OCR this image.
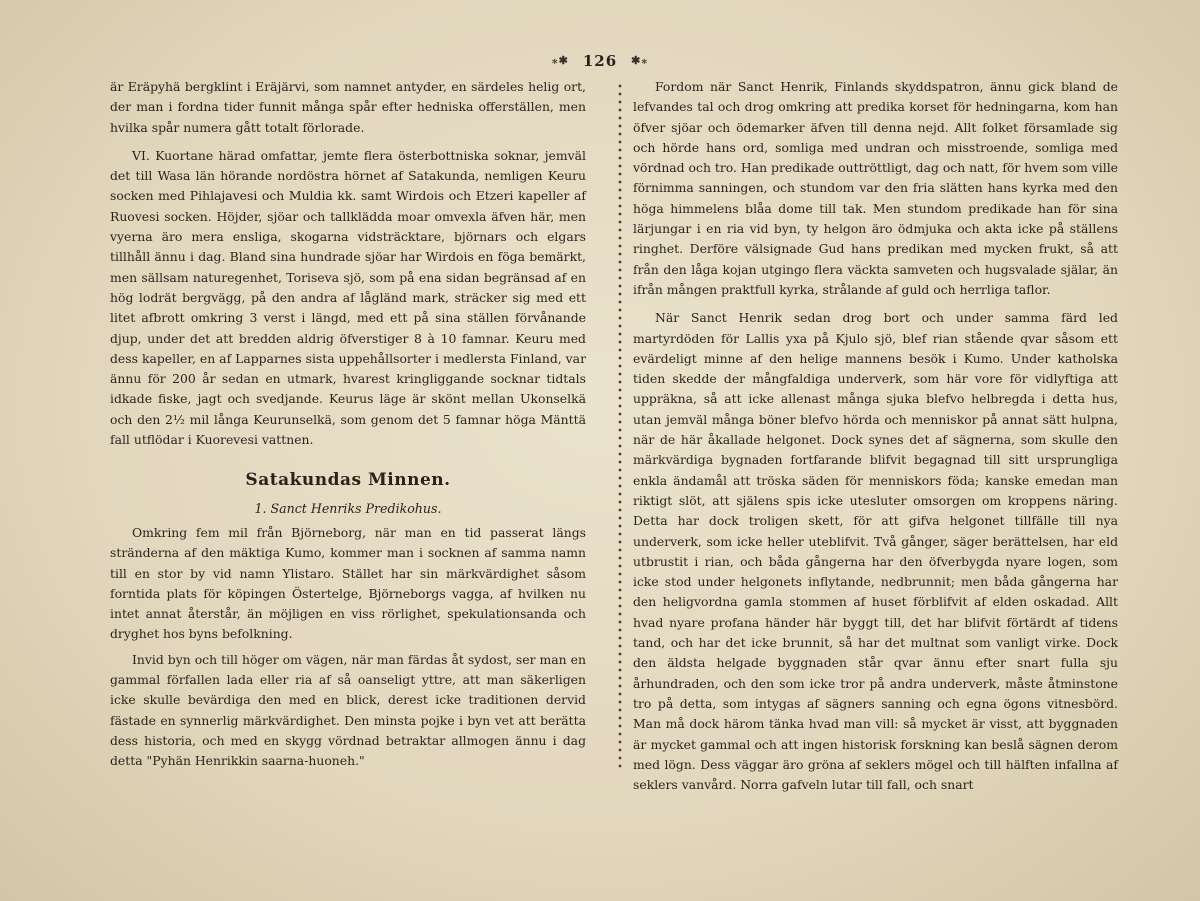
⁎✱ 126 ✱⁎

är Eräpyhä bergklint i Eräjärvi, som namnet antyder, en särdeles helig ort, der man i fordna tider funnit många spår efter hedniska offerställen, men hvilka spår numera gått totalt förlorade.

VI. Kuortane härad omfattar, jemte flera österbottniska soknar, jemväl det till Wasa län hörande nordöstra hörnet af Satakunda, nemligen Keuru socken med Pihlajavesi och Muldia kk. samt Wirdois och Etzeri kapeller af Ruovesi socken. Höjder, sjöar och tallklädda moar omvexla äfven här, men vyerna äro mera ensliga, skogarna vidsträcktare, björnars och elgars tillhåll ännu i dag. Bland sina hundrade sjöar har Wirdois en föga bemärkt, men sällsam naturegenhet, Toriseva sjö, som på ena sidan begränsad af en hög lodrät bergvägg, på den andra af lågländ mark, sträcker sig med ett litet afbrott omkring 3 verst i längd, med ett på sina ställen förvånande djup, under det att bredden aldrig öfverstiger 8 à 10 famnar. Keuru med dess kapeller, en af Lapparnes sista uppehållsorter i medlersta Finland, var ännu för 200 år sedan en utmark, hvarest kringliggande socknar tidtals idkade fiske, jagt och svedjande. Keurus läge är skönt mellan Ukonselkä och den 2½ mil långa Keurunselkä, som genom det 5 famnar höga Mänttä fall utflödar i Kuorevesi vattnen.

Satakundas Minnen.
1. Sanct Henriks Predikohus.

Omkring fem mil från Björneborg, när man en tid passerat längs stränderna af den mäktiga Kumo, kommer man i socknen af samma namn till en stor by vid namn Ylistaro. Stället har sin märkvärdighet såsom forntida plats för köpingen Östertelge, Björneborgs vagga, af hvilken nu intet annat återstår, än möjligen en viss rörlighet, spekulationsanda och dryghet hos byns befolkning.

Invid byn och till höger om vägen, när man färdas åt sydost, ser man en gammal förfallen lada eller ria af så oanseligt yttre, att man säkerligen icke skulle bevärdiga den med en blick, derest icke traditionen dervid fästade en synnerlig märkvärdighet. Den minsta pojke i byn vet att berätta dess historia, och med en skygg vördnad betraktar allmogen ännu i dag detta "Pyhän Henrikkin saarna-huoneh."

Fordom när Sanct Henrik, Finlands skyddspatron, ännu gick bland de lefvandes tal och drog omkring att predika korset för hedningarna, kom han öfver sjöar och ödemarker äfven till denna nejd. Allt folket församlade sig och hörde hans ord, somliga med undran och misstroende, somliga med vördnad och tro. Han predikade outtröttligt, dag och natt, för hvem som ville förnimma sanningen, och stundom var den fria slätten hans kyrka med den höga himmelens blåa dome till tak. Men stundom predikade han för sina lärjungar i en ria vid byn, ty helgon äro ödmjuka och akta icke på ställens ringhet. Derföre välsignade Gud hans predikan med mycken frukt, så att från den låga kojan utgingo flera väckta samveten och hugsvalade själar, än ifrån mången praktfull kyrka, strålande af guld och herrliga taflor.

När Sanct Henrik sedan drog bort och under samma färd led martyrdöden för Lallis yxa på Kjulo sjö, blef rian stående qvar såsom ett evärdeligt minne af den helige mannens besök i Kumo. Under katholska tiden skedde der mångfaldiga underverk, som här vore för vidlyftiga att uppräkna, så att icke allenast många sjuka blefvo helbregda i detta hus, utan jemväl många böner blefvo hörda och menniskor på annat sätt hulpna, när de här åkallade helgonet. Dock synes det af sägnerna, som skulle den märkvärdiga bygnaden fortfarande blifvit begagnad till sitt ursprungliga enkla ändamål att tröska säden för menniskors föda; kanske emedan man riktigt slöt, att själens spis icke utesluter omsorgen om kroppens näring. Detta har dock troligen skett, för att gifva helgonet tillfälle till nya underverk, som icke heller uteblifvit. Två gånger, säger berättelsen, har eld utbrustit i rian, och båda gångerna har den öfverbygda nyare logen, som icke stod under helgonets inflytande, nedbrunnit; men båda gångerna har den heligvordna gamla stommen af huset förblifvit af elden oskadad. Allt hvad nyare profana händer här byggt till, det har blifvit förtärdt af tidens tand, och har det icke brunnit, så har det multnat som vanligt virke. Dock den äldsta helgade byggnaden står qvar ännu efter snart fulla sju århundraden, och den som icke tror på andra underverk, måste åtminstone tro på detta, som intygas af sägners sanning och egna ögons vitnesbörd. Man må dock härom tänka hvad man vill: så mycket är visst, att byggnaden är mycket gammal och att ingen historisk forskning kan beslå sägnen derom med lögn. Dess väggar äro gröna af seklers mögel och till hälften infallna af seklers vanvård. Norra gafveln lutar till fall, och snart
